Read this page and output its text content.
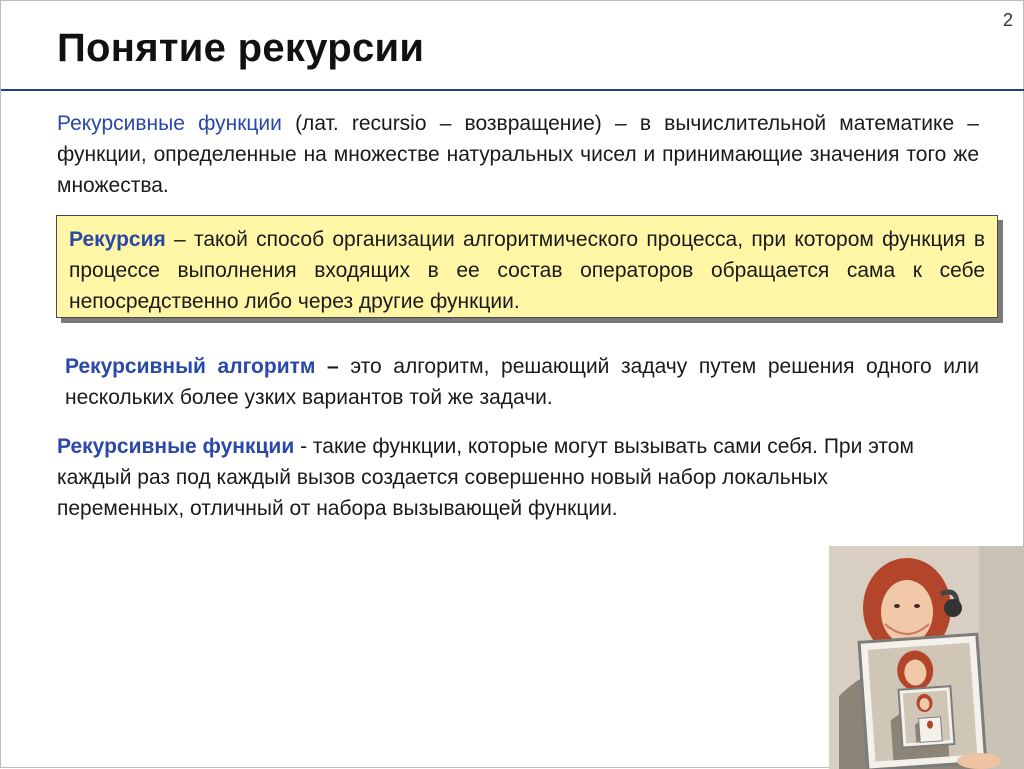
2
Понятие рекурсии

Рекурсивные функции (лат. recursio – возвращение) – в вычислительной математике – функции, определенные на множестве натуральных чисел и принимающие значения того же множества.

Рекурсия – такой способ организации алгоритмического процесса, при котором функция в процессе выполнения входящих в ее состав операторов обращается сама к себе непосредственно либо через другие функции.

Рекурсивный алгоритм – это алгоритм, решающий задачу путем решения одного или нескольких более узких вариантов той же задачи.

Рекурсивные функции - такие функции, которые могут вызывать сами себя. При этом каждый раз под каждый вызов создается совершенно новый набор локальных переменных, отличный от набора вызывающей функции.
